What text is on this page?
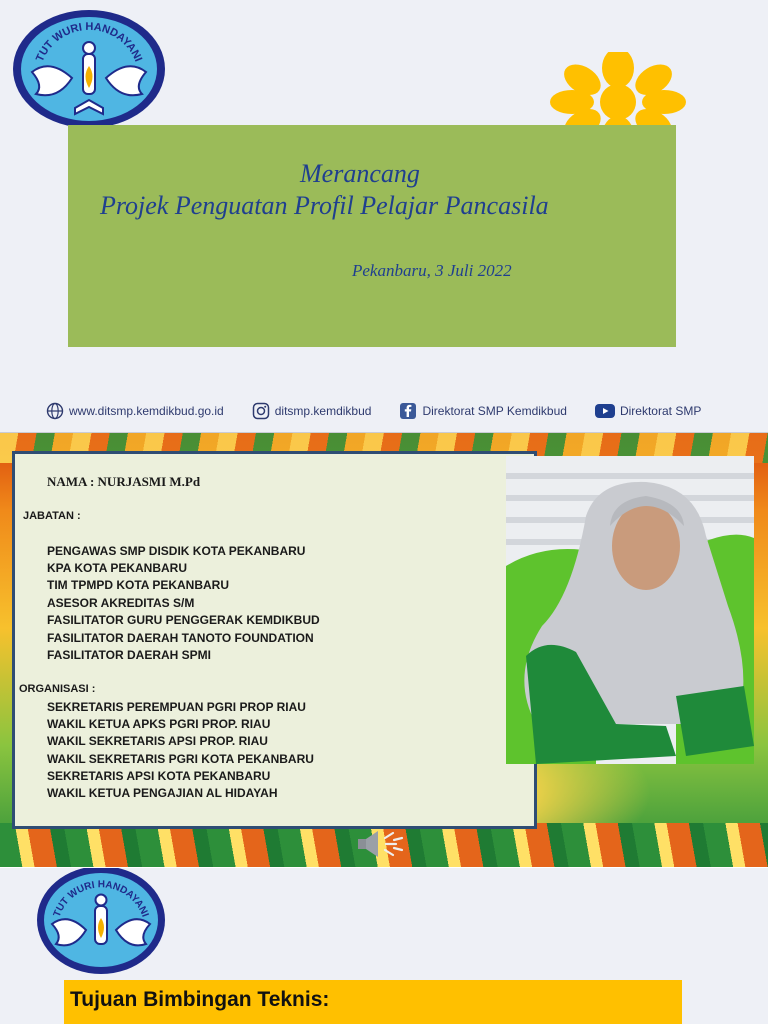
TUT WURI HANDAYANI
Merancang
Projek Penguatan Profil Pelajar Pancasila
Pekanbaru, 3 Juli 2022
www.ditsmp.kemdikbud.go.id	ditsmp.kemdikbud	Direktorat SMP Kemdikbud	Direktorat SMP
NAMA : NURJASMI M.Pd
JABATAN :
PENGAWAS SMP DISDIK KOTA PEKANBARU
KPA KOTA PEKANBARU
TIM TPMPD KOTA PEKANBARU
ASESOR AKREDITAS S/M
FASILITATOR GURU PENGGERAK KEMDIKBUD
FASILITATOR DAERAH TANOTO FOUNDATION
FASILITATOR DAERAH SPMI
ORGANISASI :
SEKRETARIS PEREMPUAN PGRI PROP RIAU
WAKIL KETUA APKS PGRI PROP. RIAU
WAKIL SEKRETARIS APSI PROP. RIAU
WAKIL SEKRETARIS PGRI KOTA PEKANBARU
SEKRETARIS APSI KOTA PEKANBARU
WAKIL KETUA PENGAJIAN AL HIDAYAH
TUT WURI HANDAYANI
Tujuan Bimbingan Teknis:
